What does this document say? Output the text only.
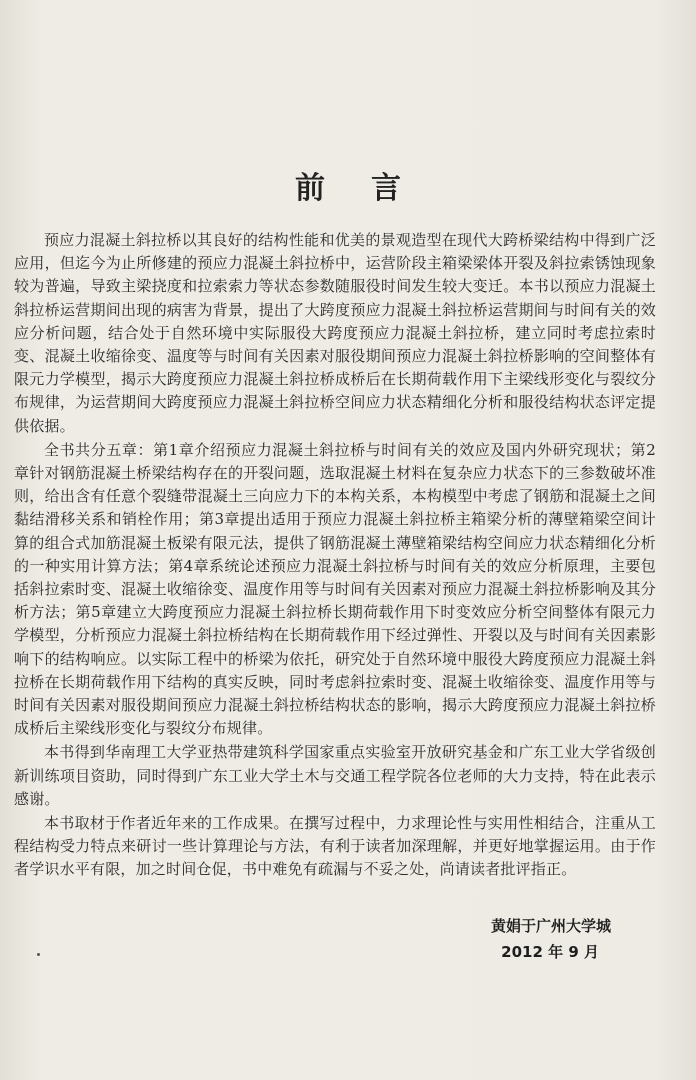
前言

预应力混凝土斜拉桥以其良好的结构性能和优美的景观造型在现代大跨桥梁结构中得到广泛应用，但迄今为止所修建的预应力混凝土斜拉桥中，运营阶段主箱梁梁体开裂及斜拉索锈蚀现象较为普遍，导致主梁挠度和拉索索力等状态参数随服役时间发生较大变迁。本书以预应力混凝土斜拉桥运营期间出现的病害为背景，提出了大跨度预应力混凝土斜拉桥运营期间与时间有关的效应分析问题，结合处于自然环境中实际服役大跨度预应力混凝土斜拉桥，建立同时考虑拉索时变、混凝土收缩徐变、温度等与时间有关因素对服役期间预应力混凝土斜拉桥影响的空间整体有限元力学模型，揭示大跨度预应力混凝土斜拉桥成桥后在长期荷载作用下主梁线形变化与裂纹分布规律，为运营期间大跨度预应力混凝土斜拉桥空间应力状态精细化分析和服役结构状态评定提供依据。

全书共分五章：第1章介绍预应力混凝土斜拉桥与时间有关的效应及国内外研究现状；第2章针对钢筋混凝土桥梁结构存在的开裂问题，选取混凝土材料在复杂应力状态下的三参数破坏准则，给出含有任意个裂缝带混凝土三向应力下的本构关系，本构模型中考虑了钢筋和混凝土之间黏结滑移关系和销栓作用；第3章提出适用于预应力混凝土斜拉桥主箱梁分析的薄壁箱梁空间计算的组合式加筋混凝土板梁有限元法，提供了钢筋混凝土薄壁箱梁结构空间应力状态精细化分析的一种实用计算方法；第4章系统论述预应力混凝土斜拉桥与时间有关的效应分析原理，主要包括斜拉索时变、混凝土收缩徐变、温度作用等与时间有关因素对预应力混凝土斜拉桥影响及其分析方法；第5章建立大跨度预应力混凝土斜拉桥长期荷载作用下时变效应分析空间整体有限元力学模型，分析预应力混凝土斜拉桥结构在长期荷载作用下经过弹性、开裂以及与时间有关因素影响下的结构响应。以实际工程中的桥梁为依托，研究处于自然环境中服役大跨度预应力混凝土斜拉桥在长期荷载作用下结构的真实反映，同时考虑斜拉索时变、混凝土收缩徐变、温度作用等与时间有关因素对服役期间预应力混凝土斜拉桥结构状态的影响，揭示大跨度预应力混凝土斜拉桥成桥后主梁线形变化与裂纹分布规律。

本书得到华南理工大学亚热带建筑科学国家重点实验室开放研究基金和广东工业大学省级创新训练项目资助，同时得到广东工业大学土木与交通工程学院各位老师的大力支持，特在此表示感谢。

本书取材于作者近年来的工作成果。在撰写过程中，力求理论性与实用性相结合，注重从工程结构受力特点来研讨一些计算理论与方法，有利于读者加深理解，并更好地掌握运用。由于作者学识水平有限，加之时间仓促，书中难免有疏漏与不妥之处，尚请读者批评指正。

黄娟于广州大学城
2012 年 9 月
